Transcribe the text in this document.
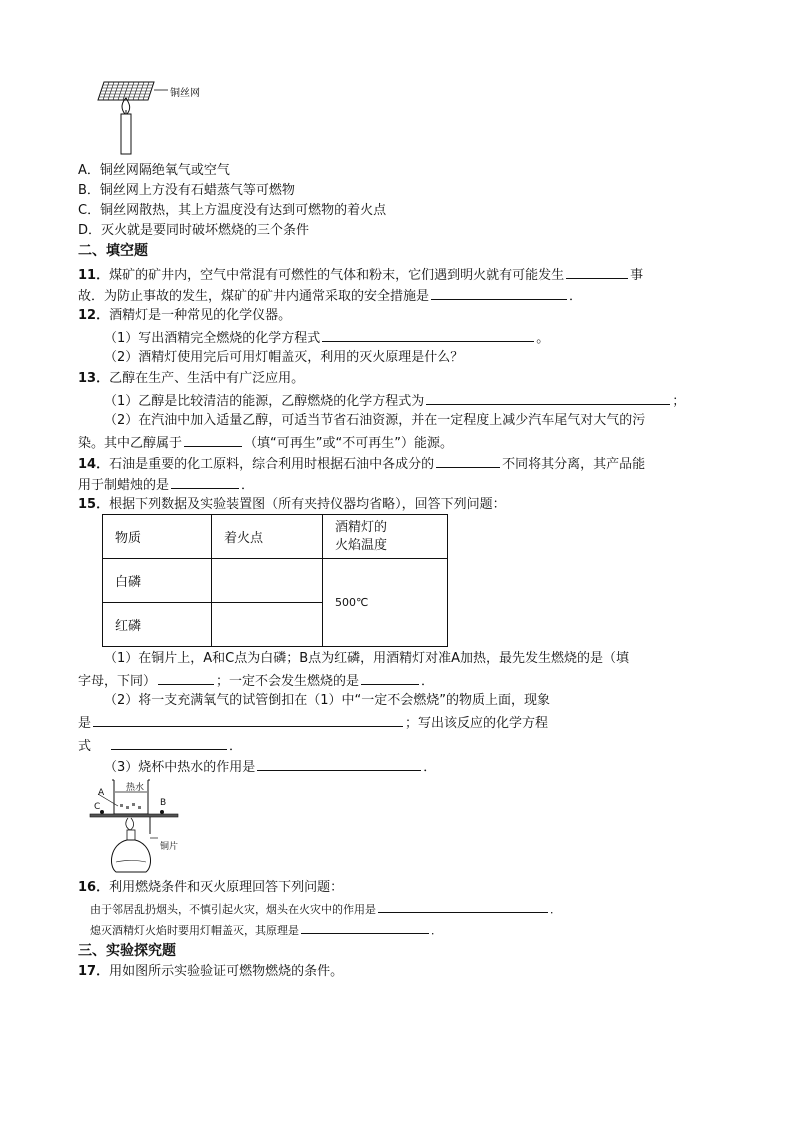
铜丝网
A．铜丝网隔绝氧气或空气
B．铜丝网上方没有石蜡蒸气等可燃物
C．铜丝网散热，其上方温度没有达到可燃物的着火点
D．灭火就是要同时破坏燃烧的三个条件
二、填空题
11．煤矿的矿井内，空气中常混有可燃性的气体和粉末，它们遇到明火就有可能发生	事
故．为防止事故的发生，煤矿的矿井内通常采取的安全措施是	．
12．酒精灯是一种常见的化学仪器。
（1）写出酒精完全燃烧的化学方程式	。
（2）酒精灯使用完后可用灯帽盖灭，利用的灭火原理是什么？
13．乙醇在生产、生活中有广泛应用。
（1）乙醇是比较清洁的能源，乙醇燃烧的化学方程式为	；
（2）在汽油中加入适量乙醇，可适当节省石油资源，并在一定程度上减少汽车尾气对大气的污
染。其中乙醇属于	（填“可再生”或“不可再生”）能源。
14．石油是重要的化工原料，综合利用时根据石油中各成分的	不同将其分离，其产品能
用于制蜡烛的是	．
15．根据下列数据及实验装置图（所有夹持仪器均省略），回答下列问题：
物质	着火点	酒精灯的
火焰温度
白磷		500℃
红磷		
（1）在铜片上，A和C点为白磷；B点为红磷，用酒精灯对准A加热，最先发生燃烧的是（填
字母，下同）	；一定不会发生燃烧的是	．
（2）将一支充满氧气的试管倒扣在（1）中“一定不会燃烧”的物质上面，现象
是	；写出该反应的化学方程
式	．
（3）烧杯中热水的作用是	．
热水
A
C	B
铜片
16．利用燃烧条件和灭火原理回答下列问题：
由于邻居乱扔烟头，不慎引起火灾，烟头在火灾中的作用是	．
熄灭酒精灯火焰时要用灯帽盖灭，其原理是	．
三、实验探究题
17．用如图所示实验验证可燃物燃烧的条件。
